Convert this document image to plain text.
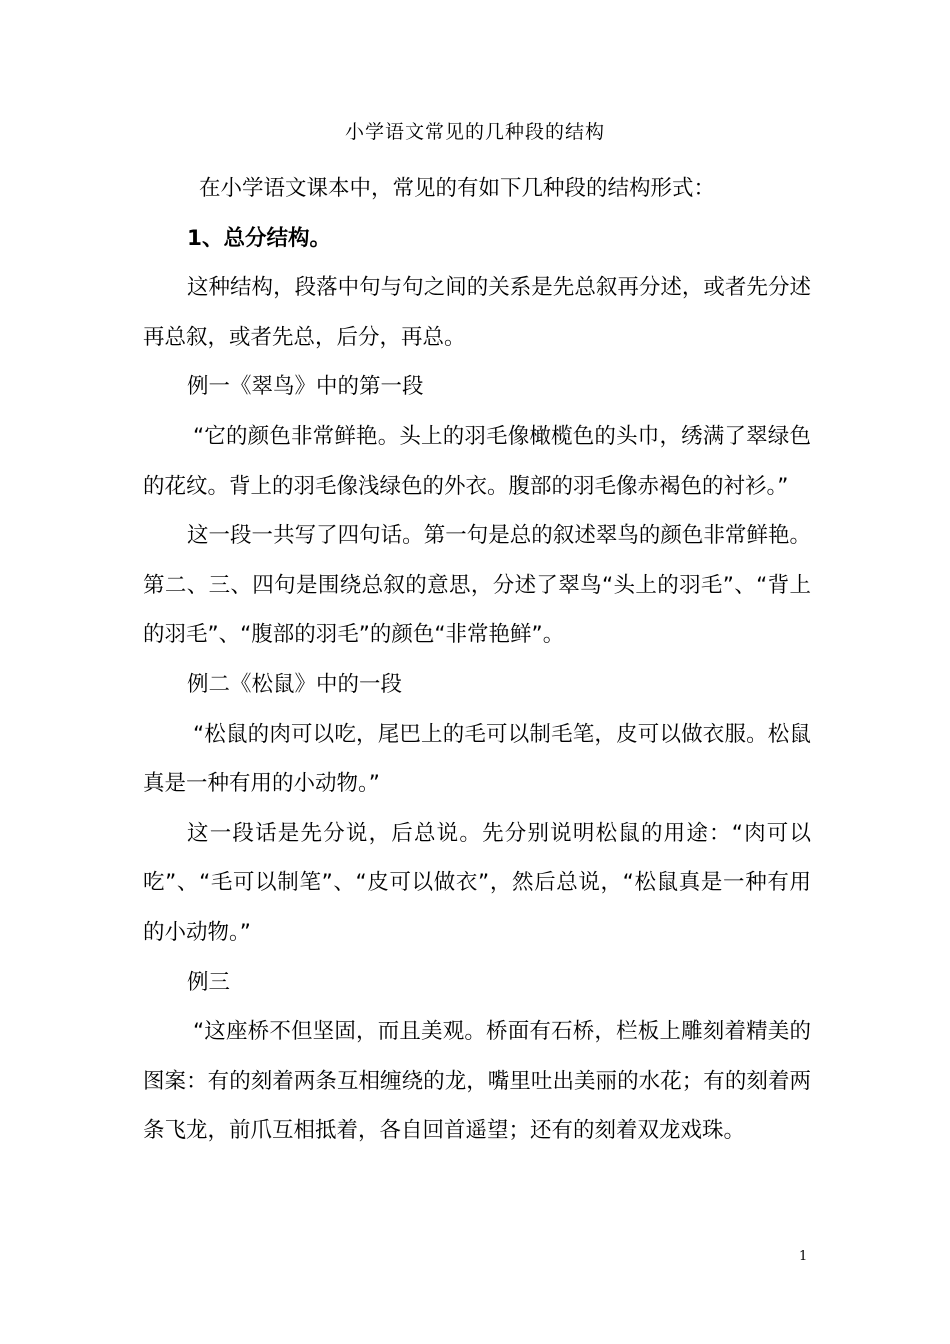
小学语文常见的几种段的结构

在小学语文课本中，常见的有如下几种段的结构形式：

1、总分结构。

这种结构，段落中句与句之间的关系是先总叙再分述，或者先分述再总叙，或者先总，后分，再总。

例一《翠鸟》中的第一段

“它的颜色非常鲜艳。头上的羽毛像橄榄色的头巾，绣满了翠绿色的花纹。背上的羽毛像浅绿色的外衣。腹部的羽毛像赤褐色的衬衫。”

这一段一共写了四句话。第一句是总的叙述翠鸟的颜色非常鲜艳。第二、三、四句是围绕总叙的意思，分述了翠鸟“头上的羽毛”、“背上的羽毛”、“腹部的羽毛”的颜色“非常艳鲜”。

例二《松鼠》中的一段

“松鼠的肉可以吃，尾巴上的毛可以制毛笔，皮可以做衣服。松鼠真是一种有用的小动物。”

这一段话是先分说，后总说。先分别说明松鼠的用途：“肉可以吃”、“毛可以制笔”、“皮可以做衣”，然后总说，“松鼠真是一种有用的小动物。”

例三

“这座桥不但坚固，而且美观。桥面有石桥，栏板上雕刻着精美的图案：有的刻着两条互相缠绕的龙，嘴里吐出美丽的水花；有的刻着两条飞龙，前爪互相抵着，各自回首遥望；还有的刻着双龙戏珠。

1
